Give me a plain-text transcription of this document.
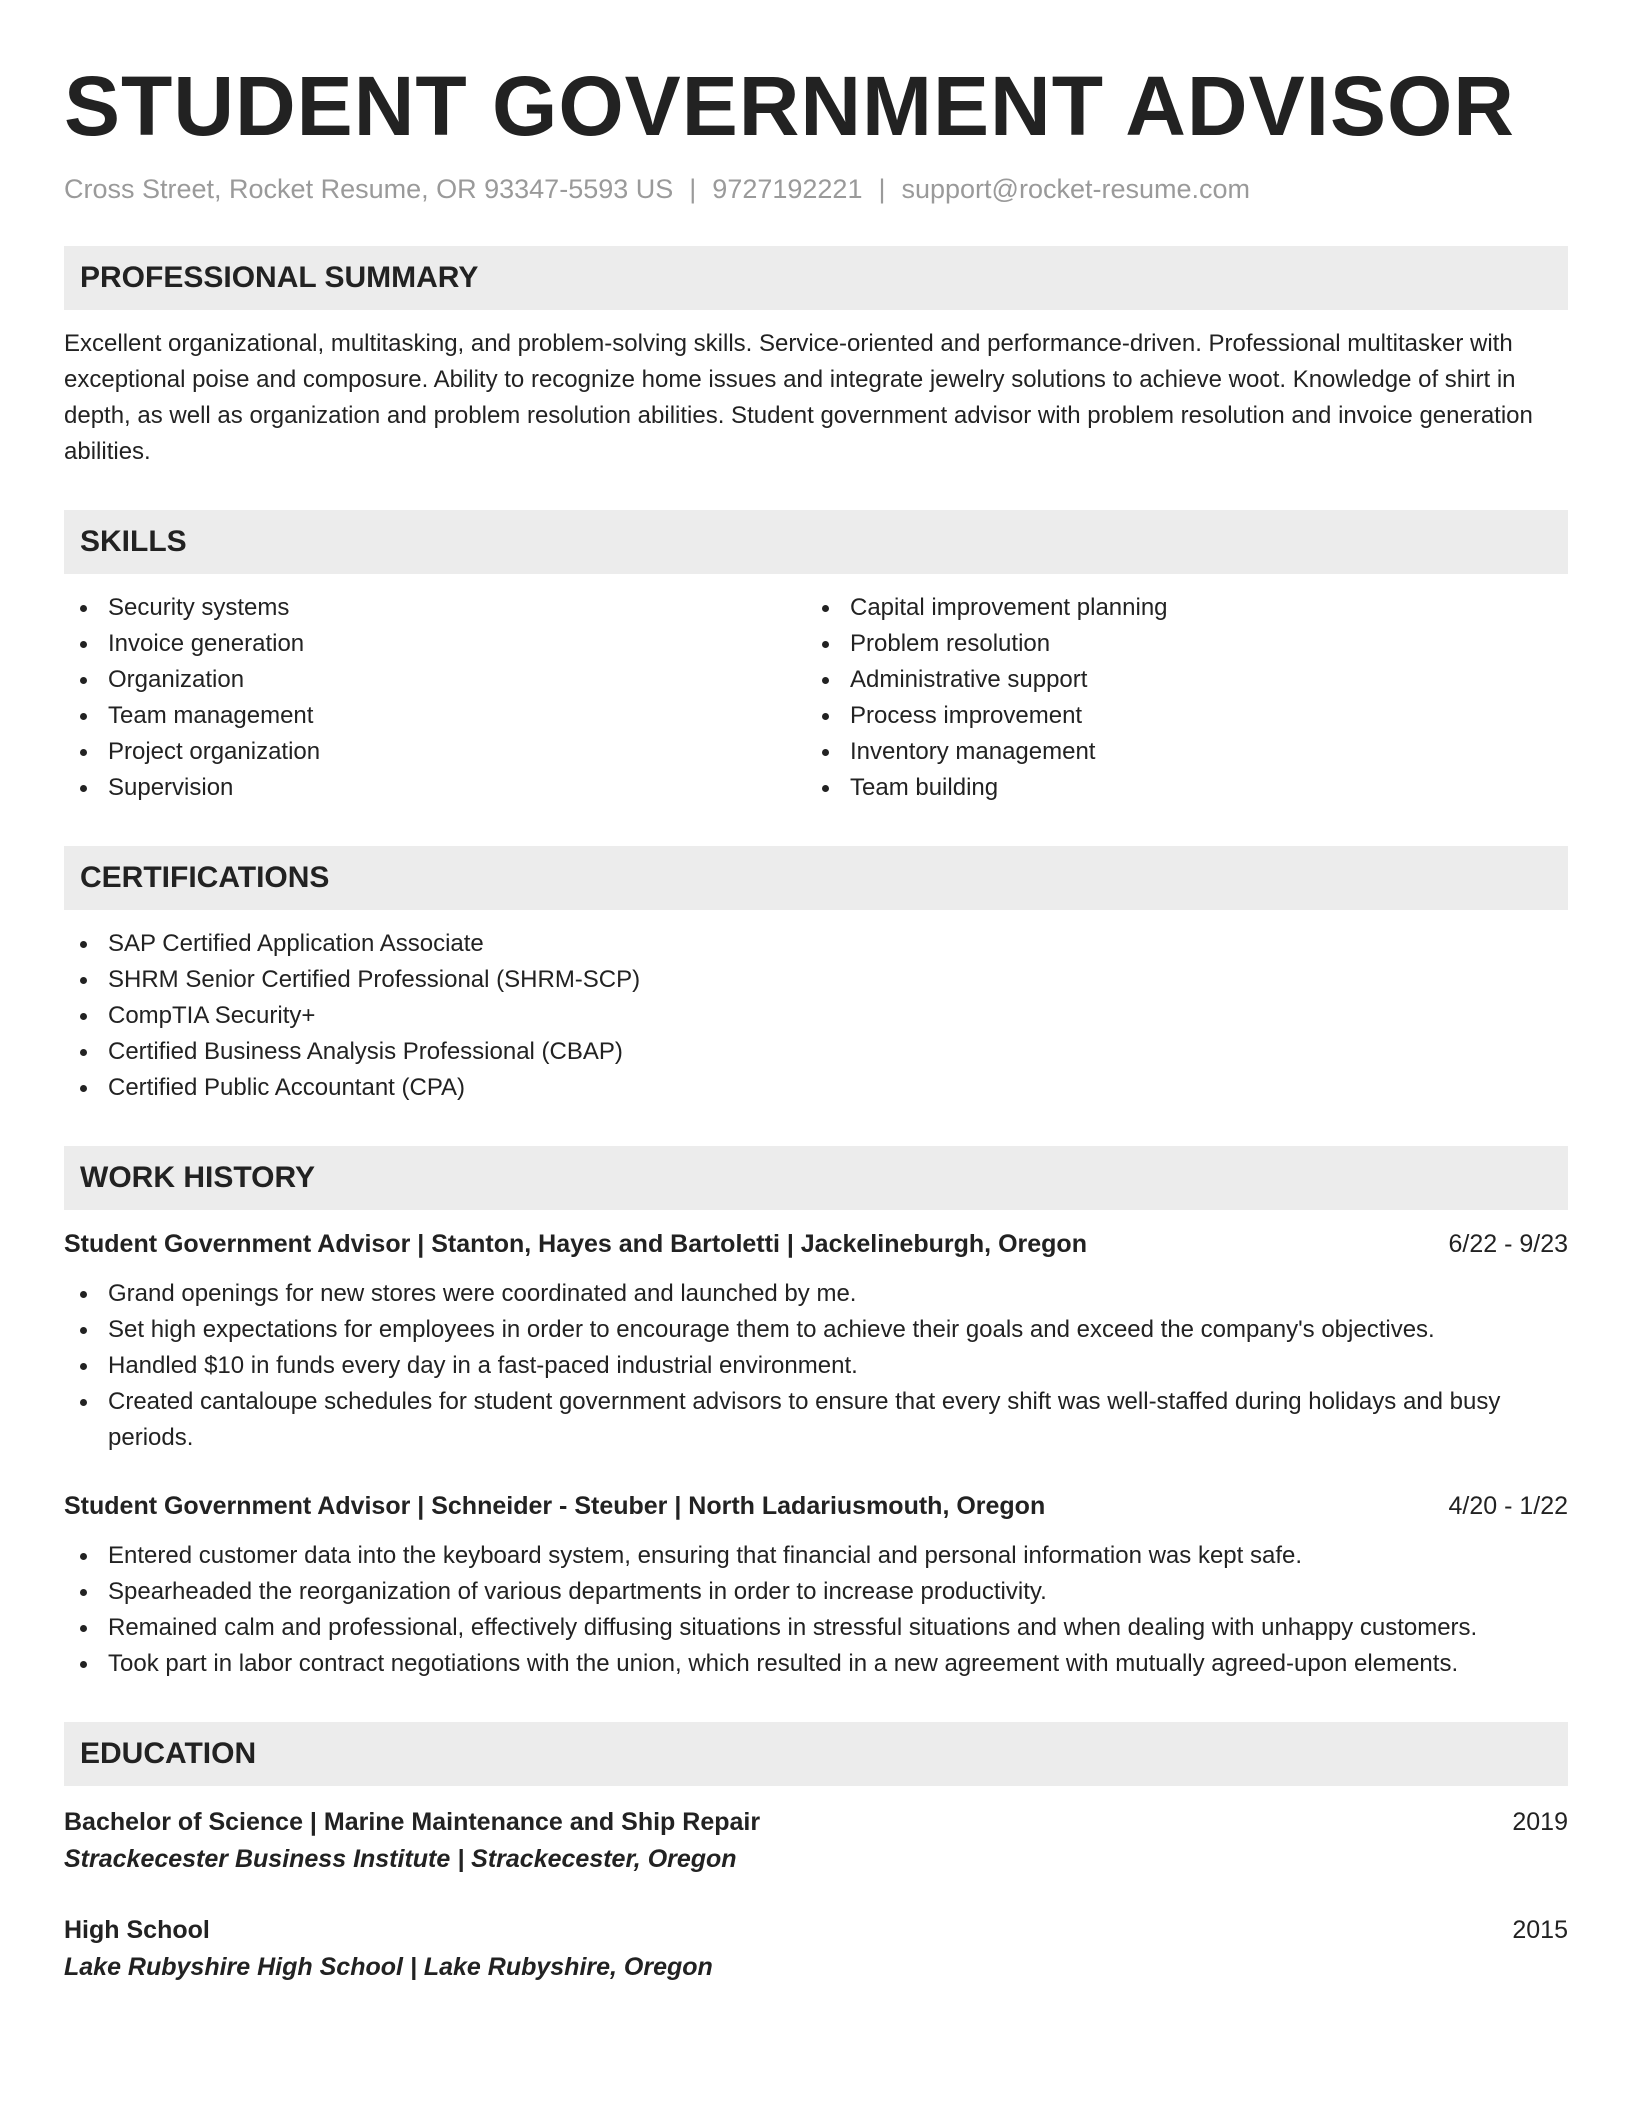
STUDENT GOVERNMENT ADVISOR
Cross Street, Rocket Resume, OR 93347-5593 US | 9727192221 | support@rocket-resume.com
PROFESSIONAL SUMMARY
Excellent organizational, multitasking, and problem-solving skills. Service-oriented and performance-driven. Professional multitasker with exceptional poise and composure. Ability to recognize home issues and integrate jewelry solutions to achieve woot. Knowledge of shirt in depth, as well as organization and problem resolution abilities. Student government advisor with problem resolution and invoice generation abilities.
SKILLS
Security systems
Invoice generation
Organization
Team management
Project organization
Supervision
Capital improvement planning
Problem resolution
Administrative support
Process improvement
Inventory management
Team building
CERTIFICATIONS
SAP Certified Application Associate
SHRM Senior Certified Professional (SHRM-SCP)
CompTIA Security+
Certified Business Analysis Professional (CBAP)
Certified Public Accountant (CPA)
WORK HISTORY
Student Government Advisor | Stanton, Hayes and Bartoletti | Jackelineburgh, Oregon	6/22 - 9/23
Grand openings for new stores were coordinated and launched by me.
Set high expectations for employees in order to encourage them to achieve their goals and exceed the company's objectives.
Handled $10 in funds every day in a fast-paced industrial environment.
Created cantaloupe schedules for student government advisors to ensure that every shift was well-staffed during holidays and busy periods.
Student Government Advisor | Schneider - Steuber | North Ladariusmouth, Oregon	4/20 - 1/22
Entered customer data into the keyboard system, ensuring that financial and personal information was kept safe.
Spearheaded the reorganization of various departments in order to increase productivity.
Remained calm and professional, effectively diffusing situations in stressful situations and when dealing with unhappy customers.
Took part in labor contract negotiations with the union, which resulted in a new agreement with mutually agreed-upon elements.
EDUCATION
Bachelor of Science | Marine Maintenance and Ship Repair	2019
Strackecester Business Institute | Strackecester, Oregon
High School	2015
Lake Rubyshire High School | Lake Rubyshire, Oregon
